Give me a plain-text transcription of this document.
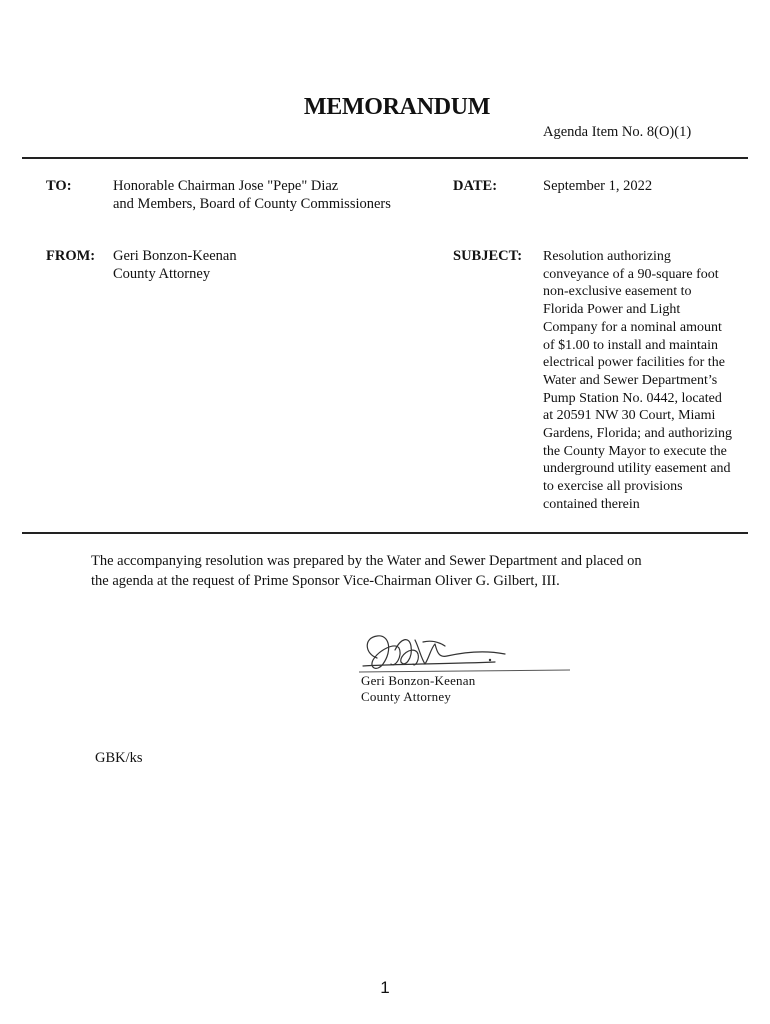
MEMORANDUM
Agenda Item No. 8(O)(1)
TO:	Honorable Chairman Jose "Pepe" Diaz
and Members, Board of County Commissioners
DATE:	September 1, 2022
FROM: Geri Bonzon-Keenan
County Attorney
SUBJECT: Resolution authorizing
conveyance of a 90-square foot
non-exclusive easement to
Florida Power and Light
Company for a nominal amount
of $1.00 to install and maintain
electrical power facilities for the
Water and Sewer Department’s
Pump Station No. 0442, located
at 20591 NW 30 Court, Miami
Gardens, Florida; and authorizing
the County Mayor to execute the
underground utility easement and
to exercise all provisions
contained therein
The accompanying resolution was prepared by the Water and Sewer Department and placed on
the agenda at the request of Prime Sponsor Vice-Chairman Oliver G. Gilbert, III.
Geri Bonzon-Keenan
County Attorney
GBK/ks
1
